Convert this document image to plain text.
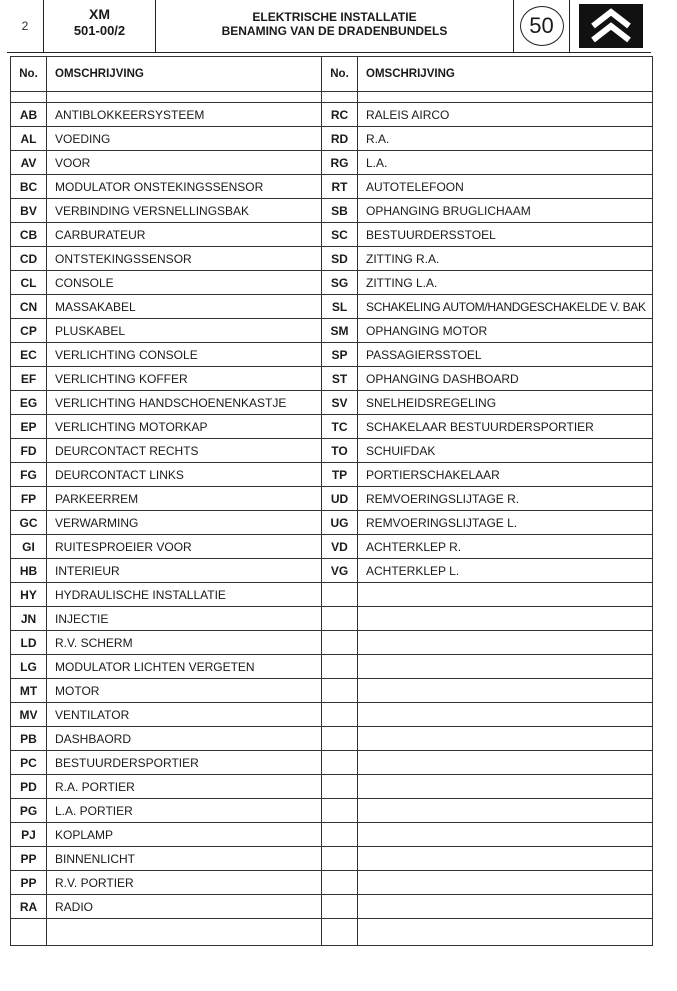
2
XM
501-00/2
ELEKTRISCHE INSTALLATIE
BENAMING VAN DE DRADENBUNDELS	50
No.	OMSCHRIJVING	No.	OMSCHRIJVING

AB	ANTIBLOKKEERSYSTEEM	RC	RALEIS AIRCO
AL	VOEDING	RD	R.A.
AV	VOOR	RG	L.A.
BC	MODULATOR ONSTEKINGSSENSOR	RT	AUTOTELEFOON
BV	VERBINDING VERSNELLINGSBAK	SB	OPHANGING BRUGLICHAAM
CB	CARBURATEUR	SC	BESTUURDERSSTOEL
CD	ONTSTEKINGSSENSOR	SD	ZITTING R.A.
CL	CONSOLE	SG	ZITTING L.A.
CN	MASSAKABEL	SL	SCHAKELING AUTOM/HANDGESCHAKELDE V. BAK
CP	PLUSKABEL	SM	OPHANGING MOTOR
EC	VERLICHTING CONSOLE	SP	PASSAGIERSSTOEL
EF	VERLICHTING KOFFER	ST	OPHANGING DASHBOARD
EG	VERLICHTING HANDSCHOENENKASTJE	SV	SNELHEIDSREGELING
EP	VERLICHTING MOTORKAP	TC	SCHAKELAAR BESTUURDERSPORTIER
FD	DEURCONTACT RECHTS	TO	SCHUIFDAK
FG	DEURCONTACT LINKS	TP	PORTIERSCHAKELAAR
FP	PARKEERREM	UD	REMVOERINGSLIJTAGE R.
GC	VERWARMING	UG	REMVOERINGSLIJTAGE L.
GI	RUITESPROEIER VOOR	VD	ACHTERKLEP R.
HB	INTERIEUR	VG	ACHTERKLEP L.
HY	HYDRAULISCHE INSTALLATIE		
JN	INJECTIE		
LD	R.V. SCHERM		
LG	MODULATOR LICHTEN VERGETEN		
MT	MOTOR		
MV	VENTILATOR		
PB	DASHBAORD		
PC	BESTUURDERSPORTIER		
PD	R.A. PORTIER		
PG	L.A. PORTIER		
PJ	KOPLAMP		
PP	BINNENLICHT		
PP	R.V. PORTIER		
RA	RADIO		
